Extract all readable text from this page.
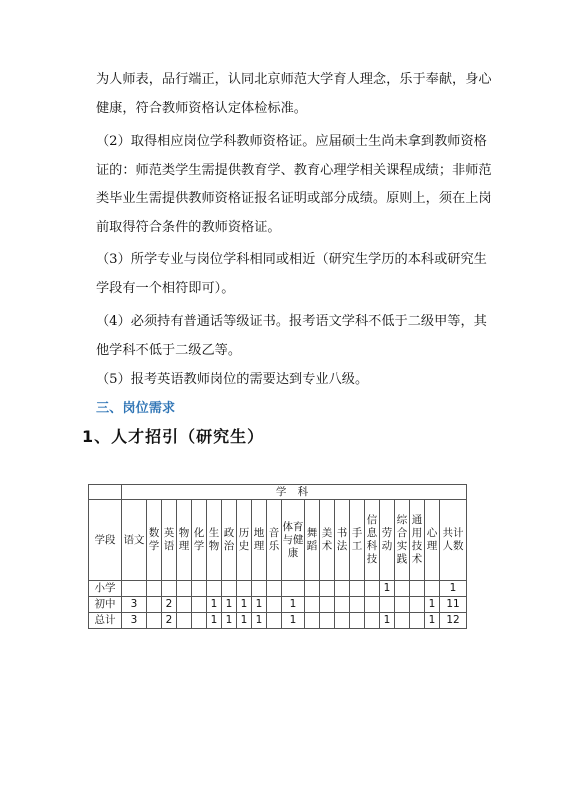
为人师表，品行端正，认同北京师范大学育人理念，乐于奉献，身心健康，符合教师资格认定体检标准。

（2）取得相应岗位学科教师资格证。应届硕士生尚未拿到教师资格证的：师范类学生需提供教育学、教育心理学相关课程成绩；非师范类毕业生需提供教师资格证报名证明或部分成绩。原则上，须在上岗前取得符合条件的教师资格证。

（3）所学专业与岗位学科相同或相近（研究生学历的本科或研究生学段有一个相符即可）。

（4）必须持有普通话等级证书。报考语文学科不低于二级甲等，其他学科不低于二级乙等。

（5）报考英语教师岗位的需要达到专业八级。

三、岗位需求
1、人才招引（研究生）
	学 科																				
学段	语文	数学	英语	物理	化学	生物	政治	历史	地理	音乐	体育与健康	舞蹈	美术	书法	手工	信息科技	劳动	综合实践	通用技术	心理	共计人数
小学																	1				1
初中	3		2			1	1	1	1		1									1	11
总计	3		2			1	1	1	1		1						1			1	12
